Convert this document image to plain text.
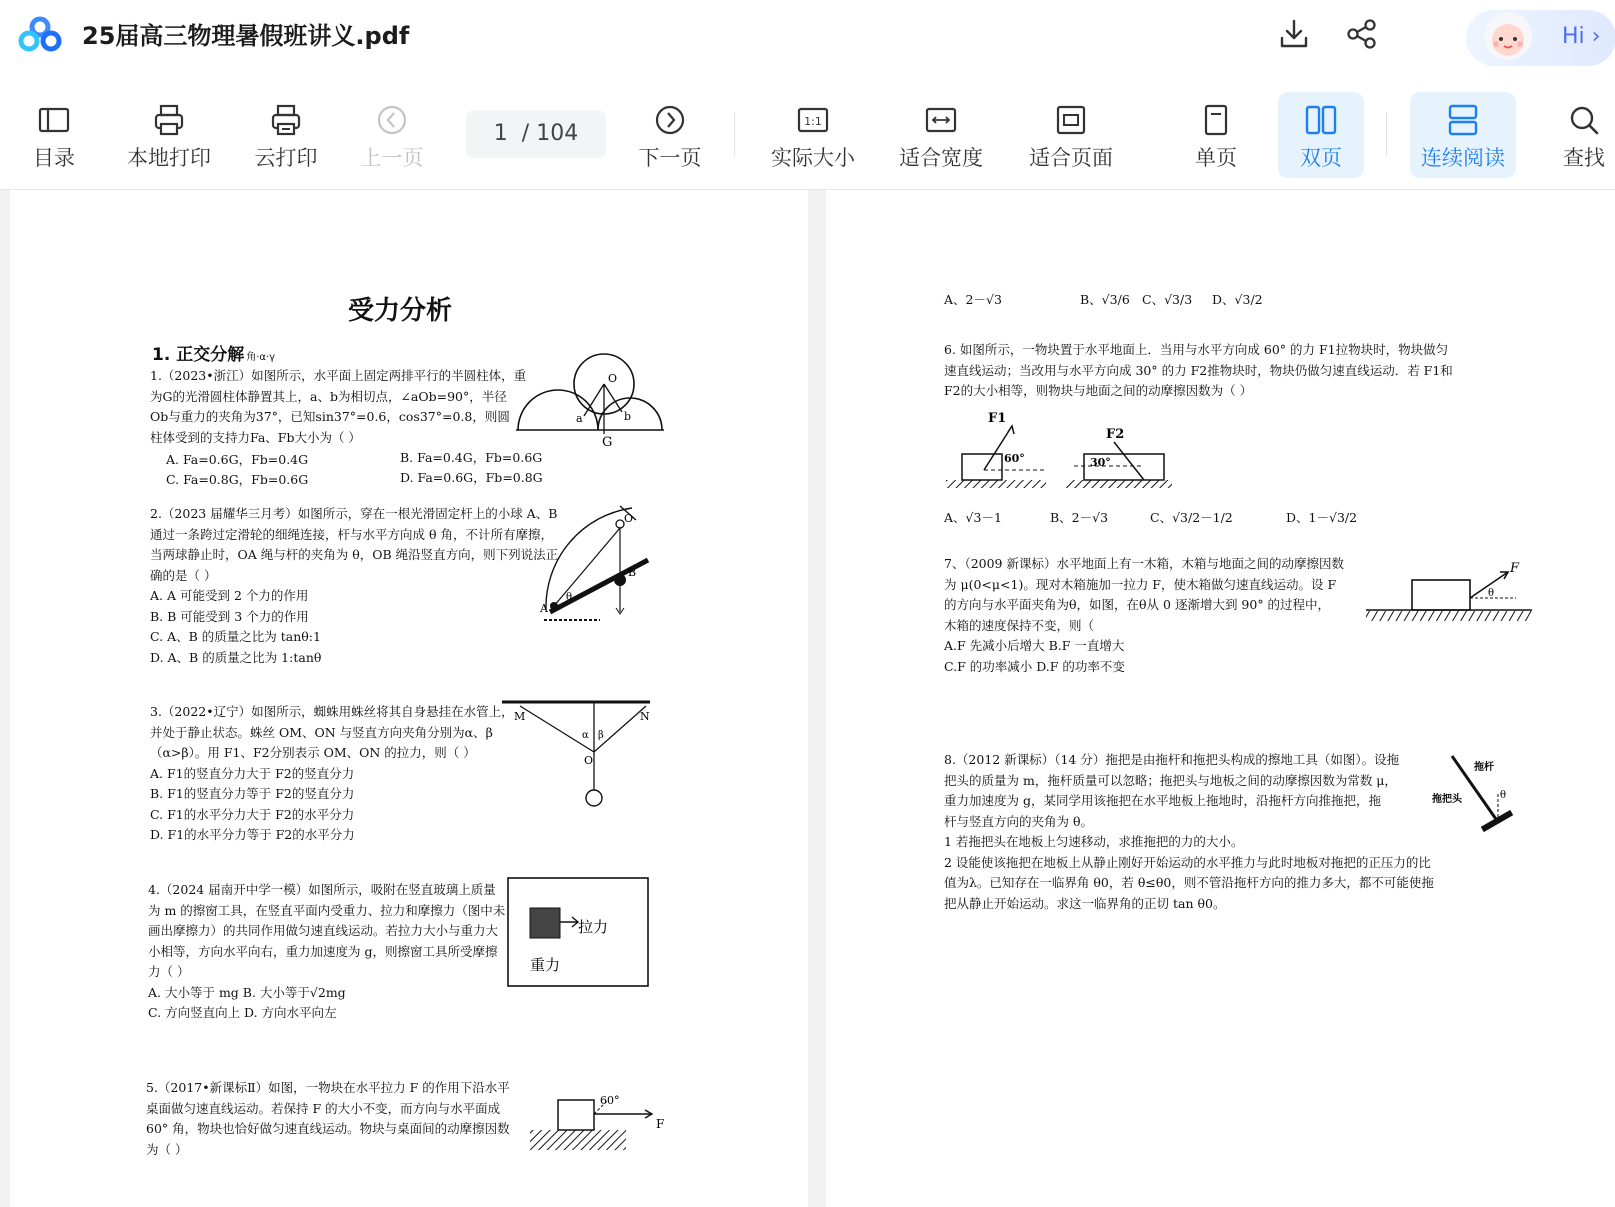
25届高三物理暑假班讲义.pdf	Hi ›
目录	本地打印 云打印 上一页
1 / 104
下一页
1:1
实际大小 适合宽度 适合页面	单页	双页	连续阅读	查找
受力分析
1. 正交分解 角·α·γ
1.（2023•浙江）如图所示，水平面上固定两排平行的半圆柱体，重
为G的光滑圆柱体静置其上，a、b为相切点，∠aOb=90°，半径
Ob与重力的夹角为37°，已知sin37°=0.6，cos37°=0.8，则圆
柱体受到的支持力Fa、Fb大小为（ ）
A. Fa=0.6G，Fb=0.4G	B. Fa=0.4G，Fb=0.6G
C. Fa=0.8G，Fb=0.6G	D. Fa=0.6G，Fb=0.8G
O
a	b
G
2.（2023 届耀华三月考）如图所示，穿在一根光滑固定杆上的小球 A、B
通过一条跨过定滑轮的细绳连接，杆与水平方向成 θ 角，不计所有摩擦，
当两球静止时，OA 绳与杆的夹角为 θ，OB 绳沿竖直方向，则下列说法正
确的是（ ）
A. A 可能受到 2 个力的作用
B. B 可能受到 3 个力的作用
C. A、B 的质量之比为 tanθ:1
D. A、B 的质量之比为 1:tanθ
O
A
B
θ
3.（2022•辽宁）如图所示，蜘蛛用蛛丝将其自身悬挂在水管上，
并处于静止状态。蛛丝 OM、ON 与竖直方向夹角分别为α、β
（α>β）。用 F1、F2分别表示 OM、ON 的拉力，则（ ）
A. F1的竖直分力大于 F2的竖直分力
B. F1的竖直分力等于 F2的竖直分力
C. F1的水平分力大于 F2的水平分力
D. F1的水平分力等于 F2的水平分力
M	N
O
α β
4.（2024 届南开中学一模）如图所示，吸附在竖直玻璃上质量
为 m 的擦窗工具，在竖直平面内受重力、拉力和摩擦力（图中未
画出摩擦力）的共同作用做匀速直线运动。若拉力大小与重力大
小相等，方向水平向右，重力加速度为 g，则擦窗工具所受摩擦
力（ ）
A. 大小等于 mg B. 大小等于√2mg
C. 方向竖直向上 D. 方向水平向左
拉力
重力
5.（2017•新课标Ⅱ）如图，一物块在水平拉力 F 的作用下沿水平
桌面做匀速直线运动。若保持 F 的大小不变，而方向与水平面成
60° 角，物块也恰好做匀速直线运动。物块与桌面间的动摩擦因数
为（ ）
60°
F
A、2－√3	B、√3/6 C、√3/3 D、√3/2
6. 如图所示，一物块置于水平地面上．当用与水平方向成 60° 的力 F1拉物块时，物块做匀
速直线运动；当改用与水平方向成 30° 的力 F2推物块时，物块仍做匀速直线运动．若 F1和
F2的大小相等，则物块与地面之间的动摩擦因数为（ ）
F1
F2
60°	30°
A、√3－1	B、2－√3	C、√3/2－1/2	D、1－√3/2
7、（2009 新课标）水平地面上有一木箱，木箱与地面之间的动摩擦因数
为 μ(0<μ<1)。现对木箱施加一拉力 F，使木箱做匀速直线运动。设 F
的方向与水平面夹角为θ，如图，在θ从 0 逐渐增大到 90° 的过程中，
木箱的速度保持不变，则（
A.F 先减小后增大 B.F 一直增大
C.F 的功率减小 D.F 的功率不变
F
θ
8.（2012 新课标）（14 分）拖把是由拖杆和拖把头构成的擦地工具（如图）。设拖
把头的质量为 m，拖杆质量可以忽略；拖把头与地板之间的动摩擦因数为常数 μ，
重力加速度为 g，某同学用该拖把在水平地板上拖地时，沿拖杆方向推拖把，拖
杆与竖直方向的夹角为 θ。
1 若拖把头在地板上匀速移动，求推拖把的力的大小。
2 设能使该拖把在地板上从静止刚好开始运动的水平推力与此时地板对拖把的正压力的比
值为λ。已知存在一临界角 θ0，若 θ≤θ0，则不管沿拖杆方向的推力多大，都不可能使拖
把从静止开始运动。求这一临界角的正切 tan θ0。
拖杆
拖把头	θ
